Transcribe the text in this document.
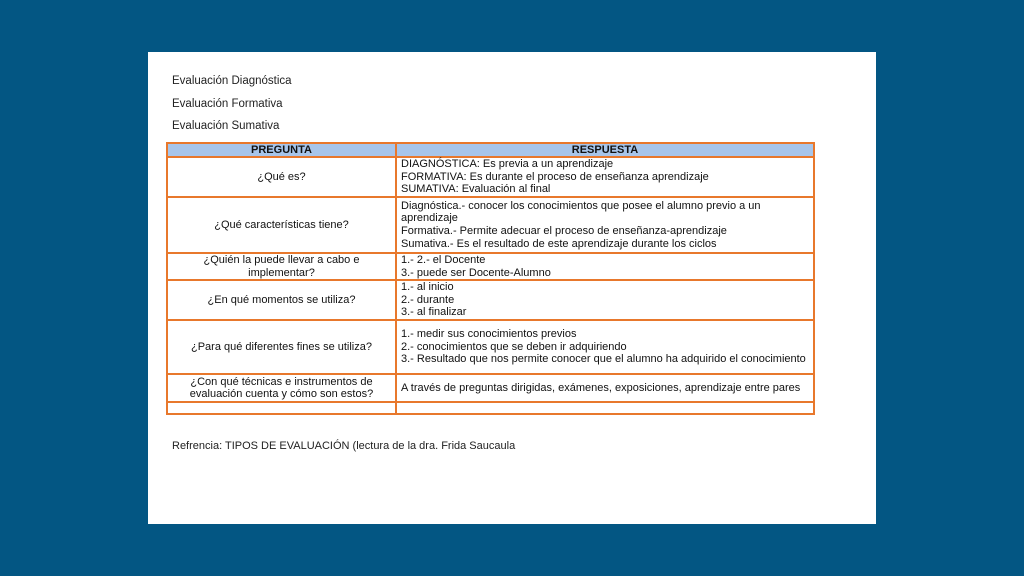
Evaluación Diagnóstica
Evaluación Formativa
Evaluación Sumativa
PREGUNTA	RESPUESTA
¿Qué es?	DIAGNÓSTICA: Es previa a un aprendizaje
FORMATIVA: Es durante el proceso de enseñanza aprendizaje
SUMATIVA: Evaluación al final

¿Qué características tiene?	Diagnóstica.- conocer los conocimientos que posee el alumno previo a un aprendizaje
Formativa.- Permite adecuar el proceso de enseñanza-aprendizaje
Sumativa.- Es el resultado de este aprendizaje durante los ciclos

¿Quién la puede llevar a cabo e implementar?	1.- 2.- el Docente
3.- puede ser Docente-Alumno

¿En qué momentos se utiliza?	1.- al inicio
2.- durante
3.- al finalizar

¿Para qué diferentes fines se utiliza?	1.- medir sus conocimientos previos
2.- conocimientos que se deben ir adquiriendo
3.- Resultado que nos permite conocer que el alumno ha adquirido el conocimiento

¿Con qué técnicas e instrumentos de evaluación cuenta y cómo son estos?	A través de preguntas dirigidas, exámenes, exposiciones, aprendizaje entre pares

Refrencia: TIPOS DE EVALUACIÓN (lectura de la dra. Frida Saucaula
